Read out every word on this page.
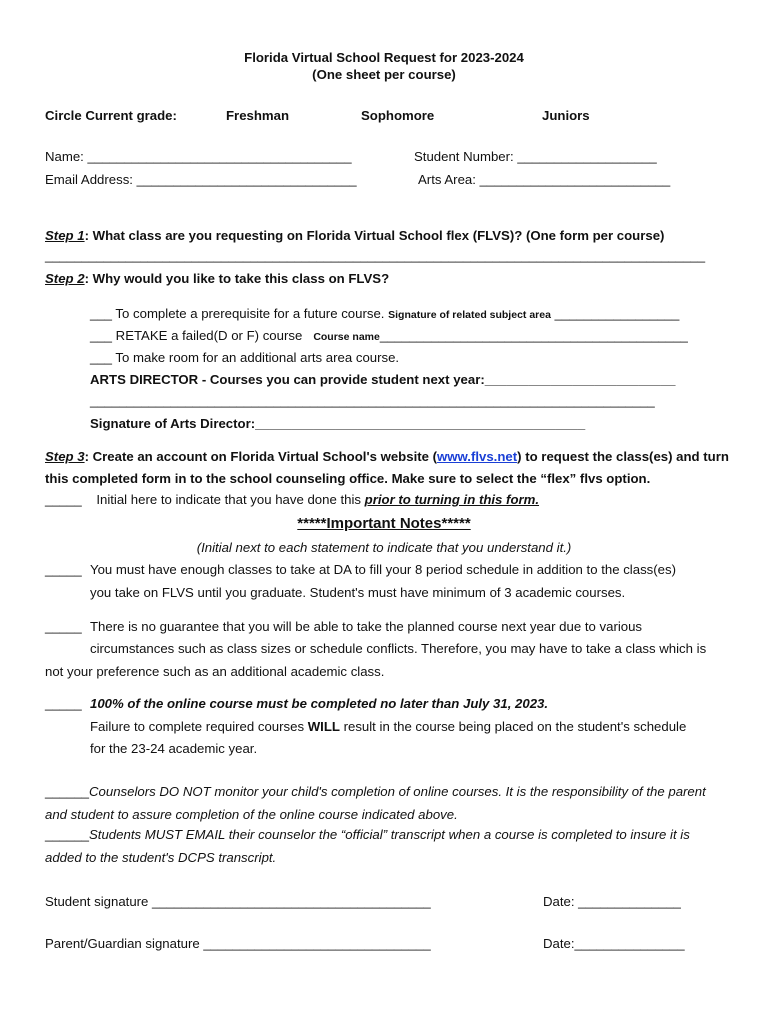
Florida Virtual School Request for 2023-2024
(One sheet per course)
Circle Current grade:	Freshman	Sophomore	Juniors
Name: ____________________________________	Student Number: ___________________
Email Address: ______________________________	Arts Area: __________________________
Step 1: What class are you requesting on Florida Virtual School flex (FLVS)? (One form per course)
__________________________________________________________________________________________
Step 2: Why would you like to take this class on FLVS?
___ To complete a prerequisite for a future course. Signature of related subject area _________________
___ RETAKE a failed(D or F) course Course name__________________________________________
___ To make room for an additional arts area course.
ARTS DIRECTOR - Courses you can provide student next year:__________________________
_____________________________________________________________________________
Signature of Arts Director:_____________________________________________
Step 3: Create an account on Florida Virtual School's website (www.flvs.net) to request the class(es) and turn
this completed form in to the school counseling office. Make sure to select the “flex” flvs option.
_____ Initial here to indicate that you have done this prior to turning in this form.
*****Important Notes*****
(Initial next to each statement to indicate that you understand it.)
_____ You must have enough classes to take at DA to fill your 8 period schedule in addition to the class(es)
you take on FLVS until you graduate. Student's must have minimum of 3 academic courses.
_____ There is no guarantee that you will be able to take the planned course next year due to various
circumstances such as class sizes or schedule conflicts. Therefore, you may have to take a class which is
not your preference such as an additional academic class.
_____ 100% of the online course must be completed no later than July 31, 2023.
Failure to complete required courses WILL result in the course being placed on the student's schedule
for the 23-24 academic year.
______Counselors DO NOT monitor your child's completion of online courses. It is the responsibility of the parent
and student to assure completion of the online course indicated above.
______Students MUST EMAIL their counselor the “official” transcript when a course is completed to insure it is
added to the student's DCPS transcript.
Student signature ______________________________________	Date: ______________
Parent/Guardian signature _______________________________	Date:_______________
